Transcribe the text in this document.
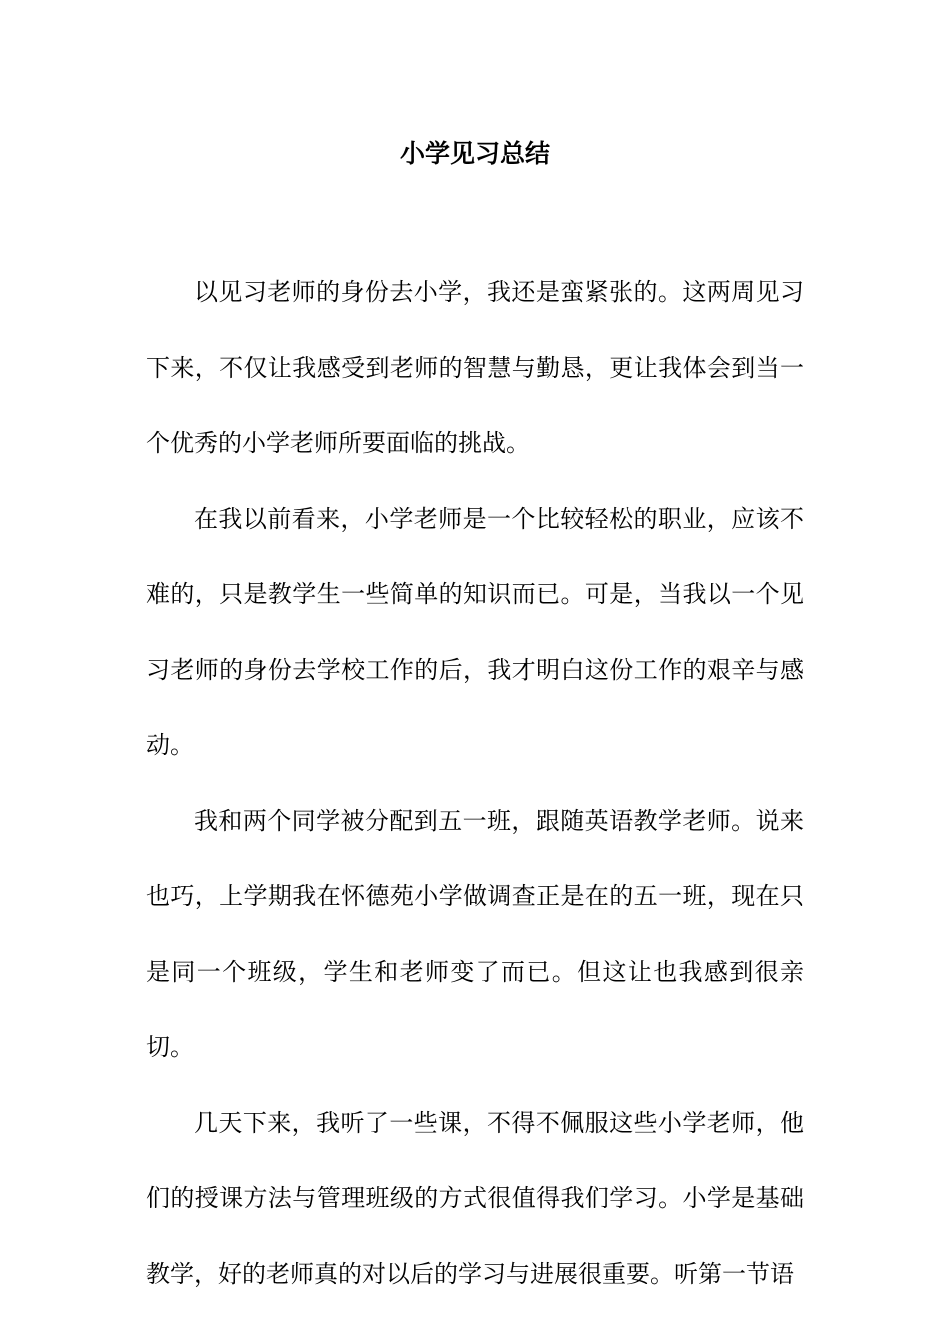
小学见习总结

以见习老师的身份去小学，我还是蛮紧张的。这两周见习下来，不仅让我感受到老师的智慧与勤恳，更让我体会到当一个优秀的小学老师所要面临的挑战。

在我以前看来，小学老师是一个比较轻松的职业，应该不难的，只是教学生一些简单的知识而已。可是，当我以一个见习老师的身份去学校工作的后，我才明白这份工作的艰辛与感动。

我和两个同学被分配到五一班，跟随英语教学老师。说来也巧，上学期我在怀德苑小学做调查正是在的五一班，现在只是同一个班级，学生和老师变了而已。但这让也我感到很亲切。

几天下来，我听了一些课，不得不佩服这些小学老师，他们的授课方法与管理班级的方式很值得我们学习。小学是基础教学，好的老师真的对以后的学习与进展很重要。听第一节语
